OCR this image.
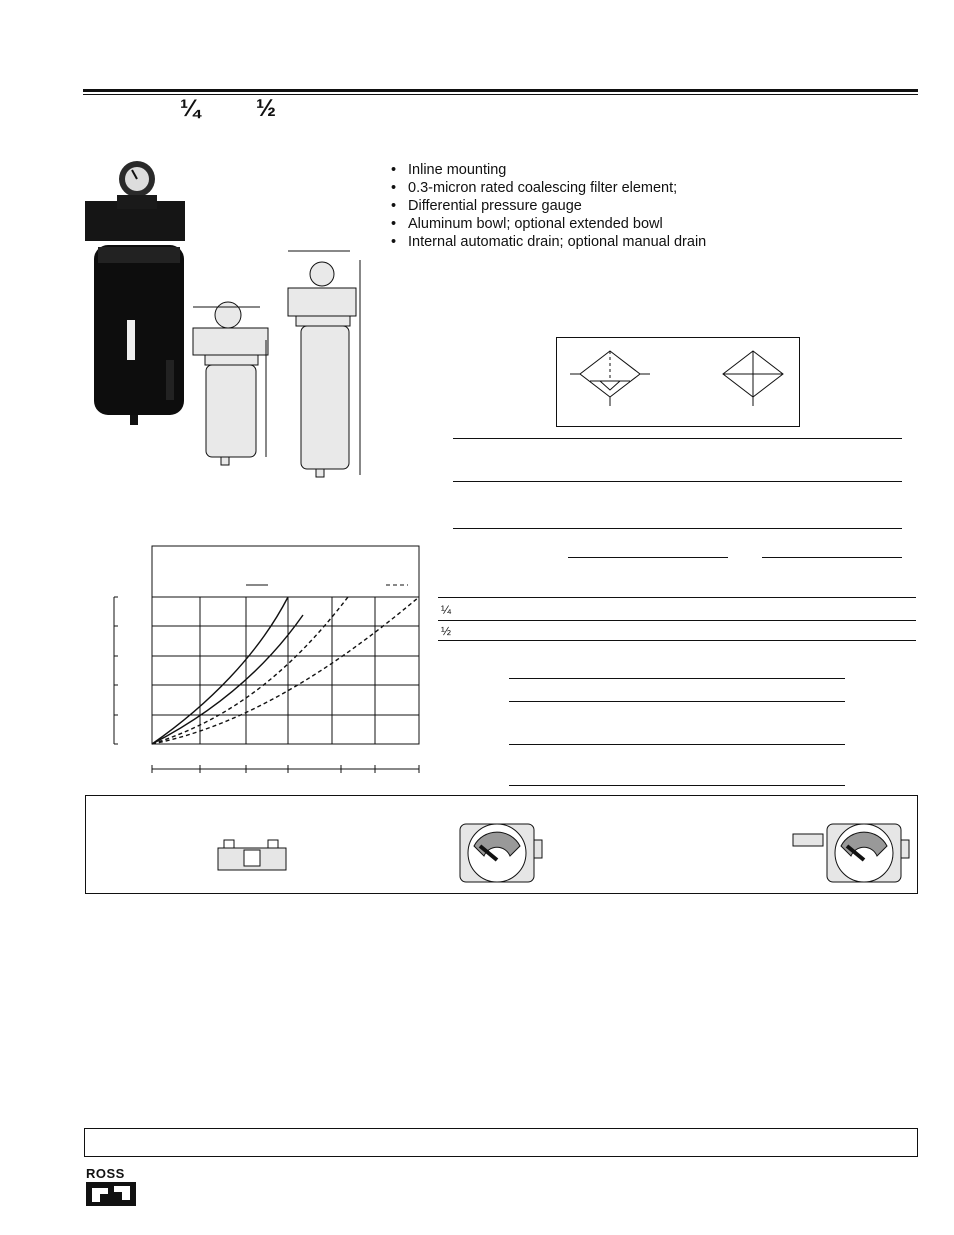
¼ ½
• Inline mounting
• 0.3-micron rated coalescing filter element;
• Differential pressure gauge
• Aluminum bowl; optional extended bowl
• Internal automatic drain; optional manual drain
¼
½
ROSS
